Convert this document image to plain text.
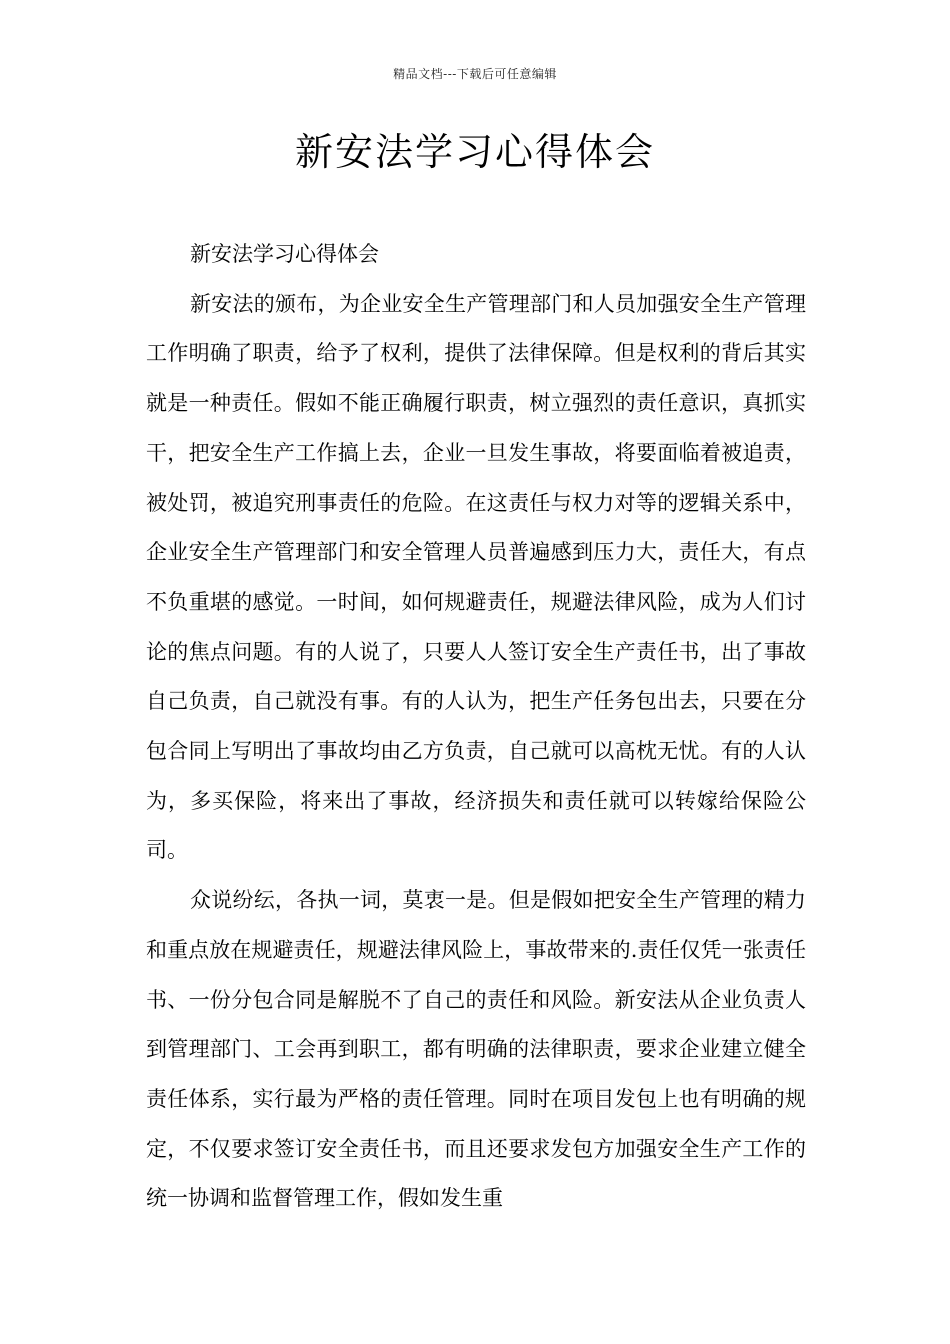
精品文档---下载后可任意编辑
新安法学习心得体会

新安法学习心得体会

新安法的颁布，为企业安全生产管理部门和人员加强安全生产管理工作明确了职责，给予了权利，提供了法律保障。但是权利的背后其实就是一种责任。假如不能正确履行职责，树立强烈的责任意识，真抓实干，把安全生产工作搞上去，企业一旦发生事故，将要面临着被追责，被处罚，被追究刑事责任的危险。在这责任与权力对等的逻辑关系中，企业安全生产管理部门和安全管理人员普遍感到压力大，责任大，有点不负重堪的感觉。一时间，如何规避责任，规避法律风险，成为人们讨论的焦点问题。有的人说了，只要人人签订安全生产责任书，出了事故自己负责，自己就没有事。有的人认为，把生产任务包出去，只要在分包合同上写明出了事故均由乙方负责，自己就可以高枕无忧。有的人认为，多买保险，将来出了事故，经济损失和责任就可以转嫁给保险公司。

众说纷纭，各执一词，莫衷一是。但是假如把安全生产管理的精力和重点放在规避责任，规避法律风险上，事故带来的.责任仅凭一张责任书、一份分包合同是解脱不了自己的责任和风险。新安法从企业负责人到管理部门、工会再到职工，都有明确的法律职责，要求企业建立健全责任体系，实行最为严格的责任管理。同时在项目发包上也有明确的规定，不仅要求签订安全责任书，而且还要求发包方加强安全生产工作的统一协调和监督管理工作，假如发生重
